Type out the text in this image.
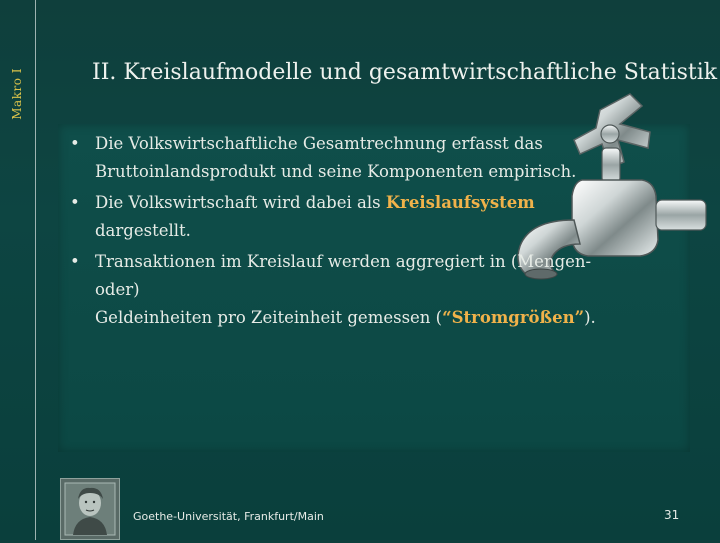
Makro I	II. Kreislaufmodelle und gesamtwirtschaftliche Statistik
• Die Volkswirtschaftliche Gesamtrechnung erfasst das
Bruttoinlandsprodukt und seine Komponenten empirisch.
• Die Volkswirtschaft wird dabei als Kreislaufsystem dargestellt.
• Transaktionen im Kreislauf werden aggregiert in (Mengen- oder)
Geldeinheiten pro Zeiteinheit gemessen (“Stromgrößen”).
Goethe-Universität, Frankfurt/Main	31
